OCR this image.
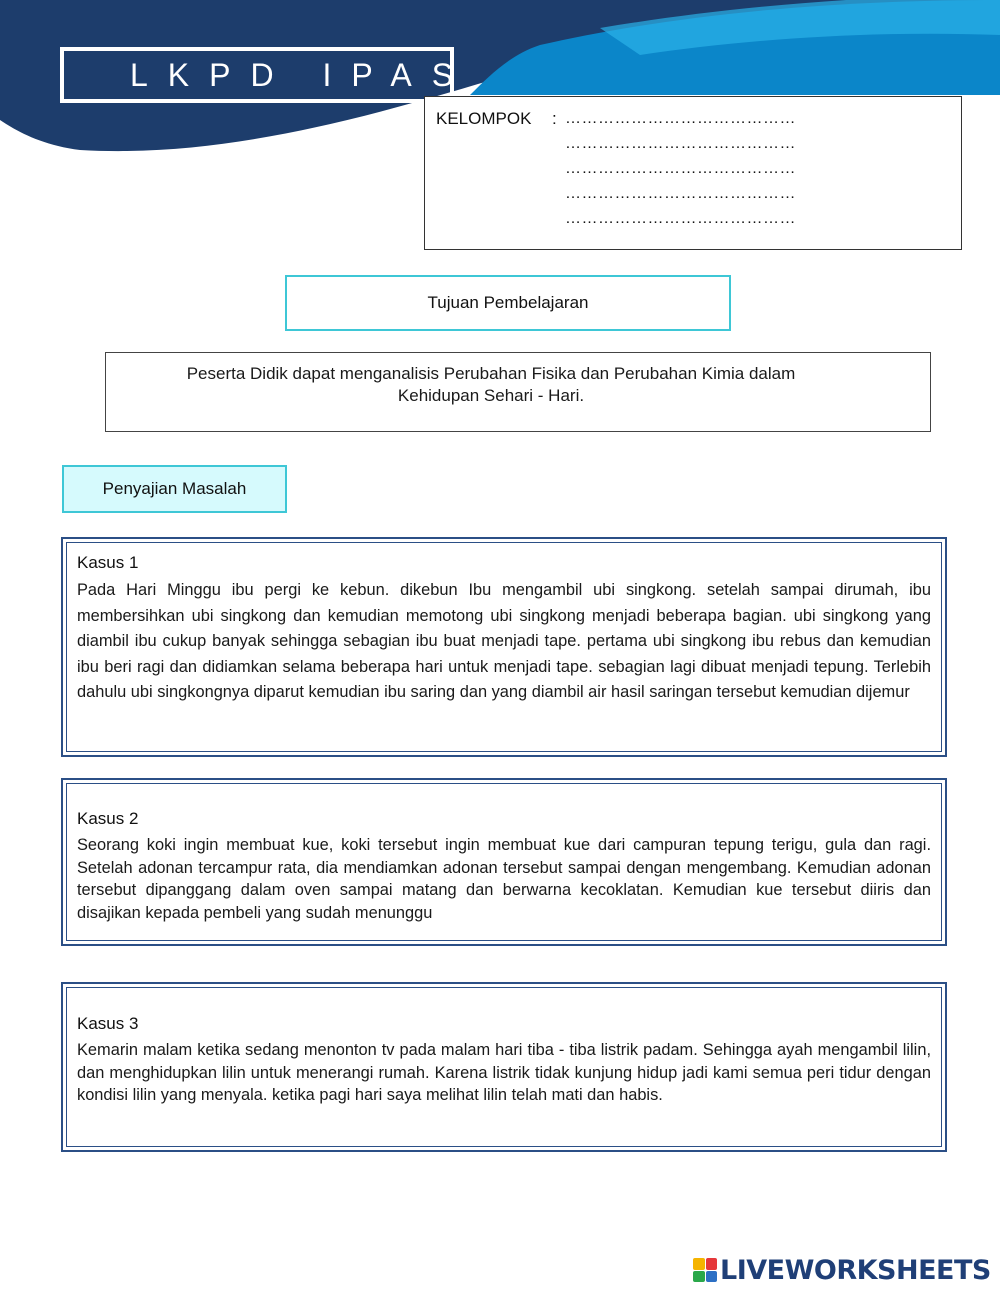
LKPD IPAS
KELOMPOK : ……………………………………
……………………………………
……………………………………
……………………………………
……………………………………
Tujuan Pembelajaran
Peserta Didik dapat menganalisis Perubahan Fisika dan Perubahan Kimia dalam Kehidupan Sehari - Hari.
Penyajian Masalah
Kasus 1
Pada Hari Minggu ibu pergi ke kebun. dikebun Ibu mengambil ubi singkong. setelah sampai dirumah, ibu membersihkan ubi singkong dan kemudian memotong ubi singkong menjadi beberapa bagian. ubi singkong yang diambil ibu cukup banyak sehingga sebagian ibu buat menjadi tape. pertama ubi singkong ibu rebus dan kemudian ibu beri ragi dan didiamkan selama beberapa hari untuk menjadi tape. sebagian lagi dibuat menjadi tepung. Terlebih dahulu ubi singkongnya diparut kemudian ibu saring dan yang diambil air hasil saringan tersebut kemudian dijemur
Kasus 2
Seorang koki ingin membuat kue, koki tersebut ingin membuat kue dari campuran tepung terigu, gula dan ragi. Setelah adonan tercampur rata, dia mendiamkan adonan tersebut sampai dengan mengembang. Kemudian adonan tersebut dipanggang dalam oven sampai matang dan berwarna kecoklatan. Kemudian kue tersebut diiris dan disajikan kepada pembeli yang sudah menunggu
Kasus 3
Kemarin malam ketika sedang menonton tv pada malam hari tiba - tiba listrik padam. Sehingga ayah mengambil lilin, dan menghidupkan lilin untuk menerangi rumah. Karena listrik tidak kunjung hidup jadi kami semua peri tidur dengan kondisi lilin yang menyala. ketika pagi hari saya melihat lilin telah mati dan habis.
LIVEWORKSHEETS
